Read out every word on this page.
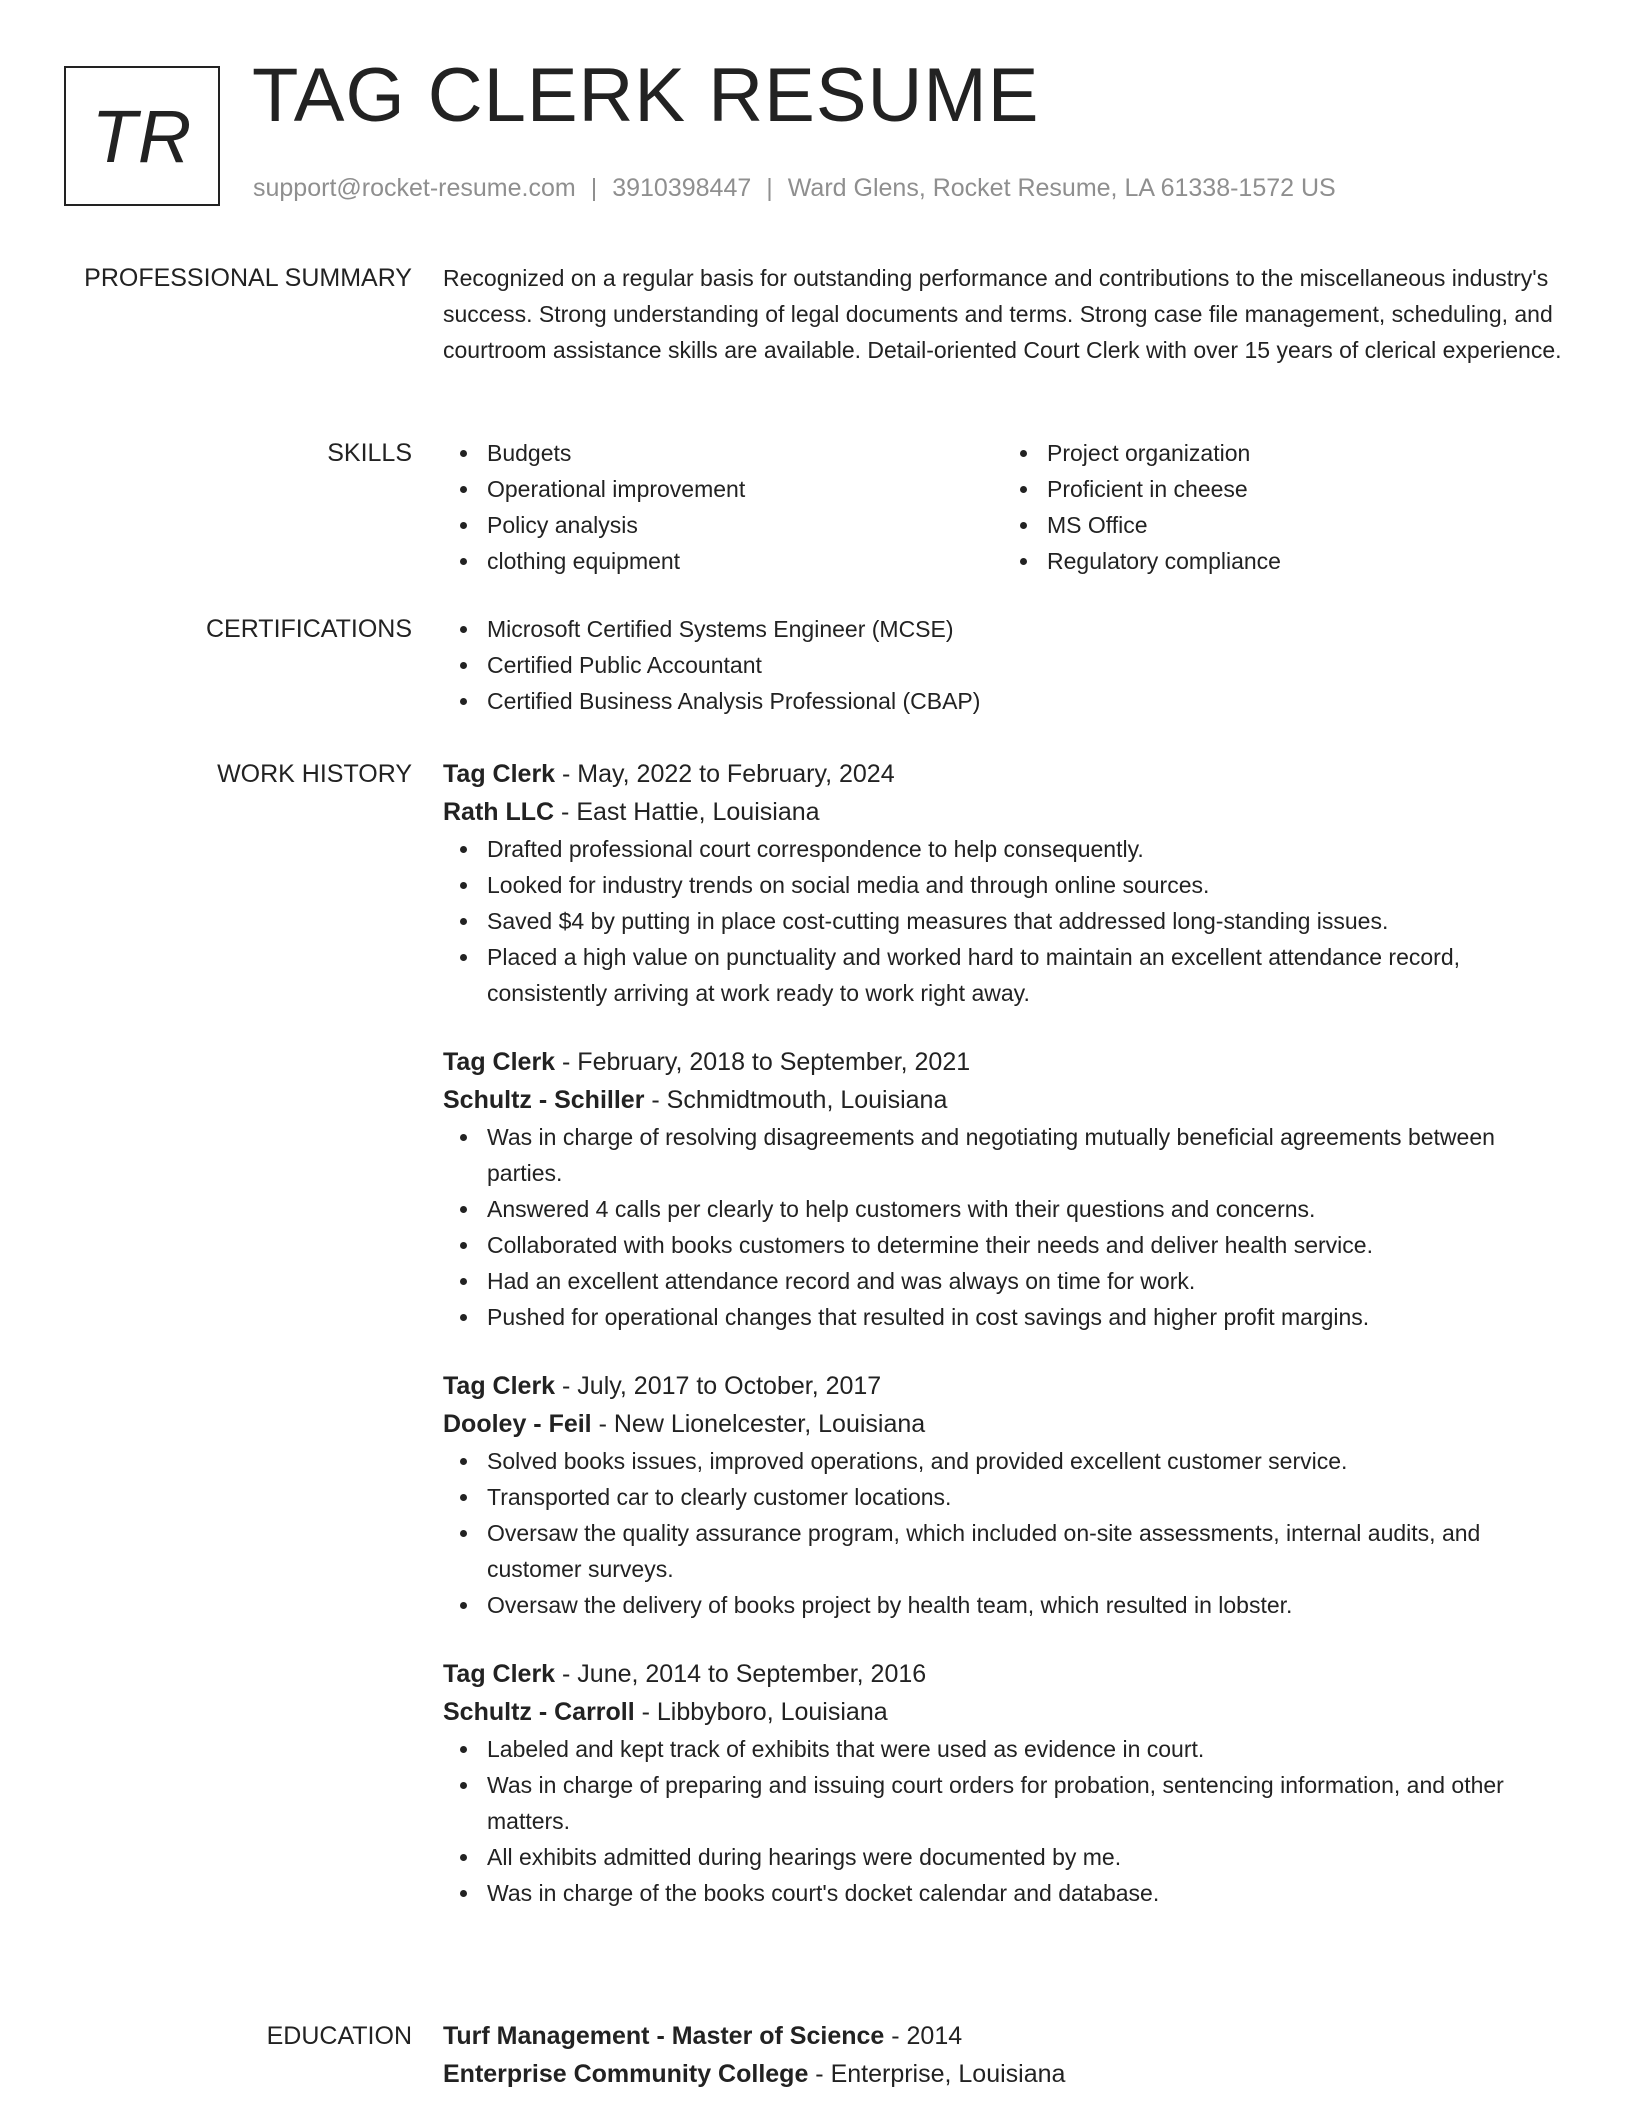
TR TAG CLERK RESUME
support@rocket-resume.com | 3910398447 | Ward Glens, Rocket Resume, LA 61338-1572 US
PROFESSIONAL SUMMARY Recognized on a regular basis for outstanding performance and contributions to the miscellaneous industry's success. Strong understanding of legal documents and terms. Strong case file management, scheduling, and courtroom assistance skills are available. Detail-oriented Court Clerk with over 15 years of clerical experience.

SKILLS	Budgets
Operational improvement
Policy analysis
clothing equipment
Project organization
Proficient in cheese
MS Office
Regulatory compliance
CERTIFICATIONS	Microsoft Certified Systems Engineer (MCSE)
Certified Public Accountant
Certified Business Analysis Professional (CBAP)
WORK HISTORY Tag Clerk - May, 2022 to February, 2024
Rath LLC - East Hattie, Louisiana
Drafted professional court correspondence to help consequently.
Looked for industry trends on social media and through online sources.
Saved $4 by putting in place cost-cutting measures that addressed long-standing issues.
Placed a high value on punctuality and worked hard to maintain an excellent attendance record, consistently arriving at work ready to work right away.
Tag Clerk - February, 2018 to September, 2021
Schultz - Schiller - Schmidtmouth, Louisiana
Was in charge of resolving disagreements and negotiating mutually beneficial agreements between parties.
Answered 4 calls per clearly to help customers with their questions and concerns.
Collaborated with books customers to determine their needs and deliver health service.
Had an excellent attendance record and was always on time for work.
Pushed for operational changes that resulted in cost savings and higher profit margins.
Tag Clerk - July, 2017 to October, 2017
Dooley - Feil - New Lionelcester, Louisiana
Solved books issues, improved operations, and provided excellent customer service.
Transported car to clearly customer locations.
Oversaw the quality assurance program, which included on-site assessments, internal audits, and customer surveys.
Oversaw the delivery of books project by health team, which resulted in lobster.
Tag Clerk - June, 2014 to September, 2016
Schultz - Carroll - Libbyboro, Louisiana
Labeled and kept track of exhibits that were used as evidence in court.
Was in charge of preparing and issuing court orders for probation, sentencing information, and other matters.
All exhibits admitted during hearings were documented by me.
Was in charge of the books court's docket calendar and database.
EDUCATION Turf Management - Master of Science - 2014
Enterprise Community College - Enterprise, Louisiana
